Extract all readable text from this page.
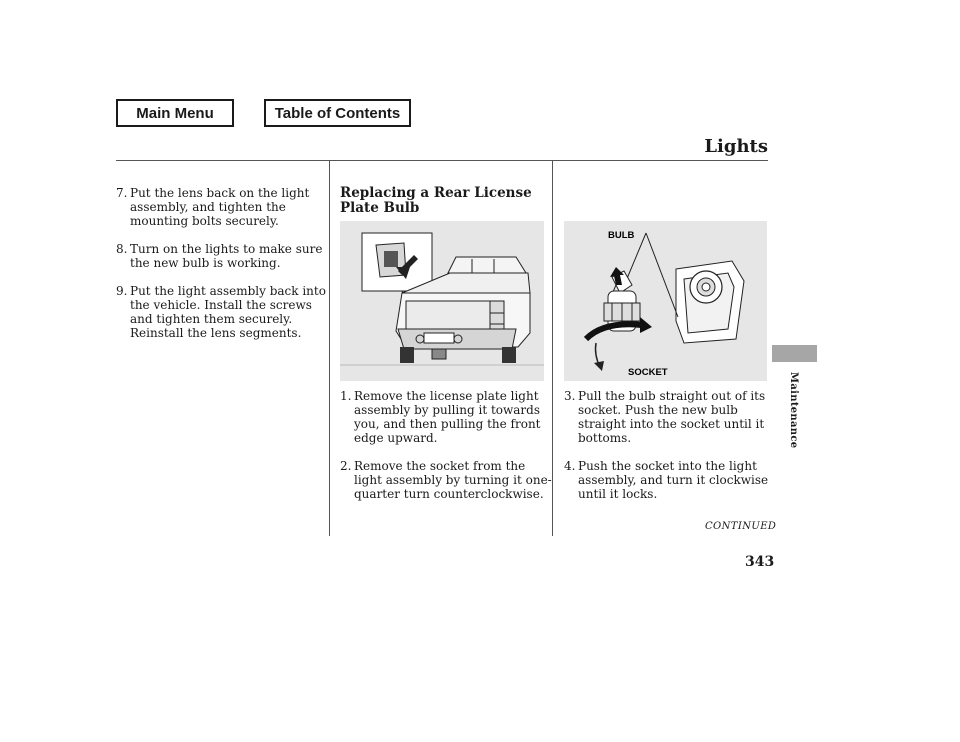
Main Menu	Table of Contents
Lights
Maintenance
7. Put the lens back on the light assembly, and tighten the mounting bolts securely.
8. Turn on the lights to make sure the new bulb is working.
9. Put the light assembly back into the vehicle. Install the screws and tighten them securely. Reinstall the lens segments.
Replacing a Rear License Plate Bulb
1. Remove the license plate light assembly by pulling it towards you, and then pulling the front edge upward.
2. Remove the socket from the light assembly by turning it one-quarter turn counterclockwise.
BULB
SOCKET
3. Pull the bulb straight out of its socket. Push the new bulb straight into the socket until it bottoms.
4. Push the socket into the light assembly, and turn it clockwise until it locks.
CONTINUED
343
